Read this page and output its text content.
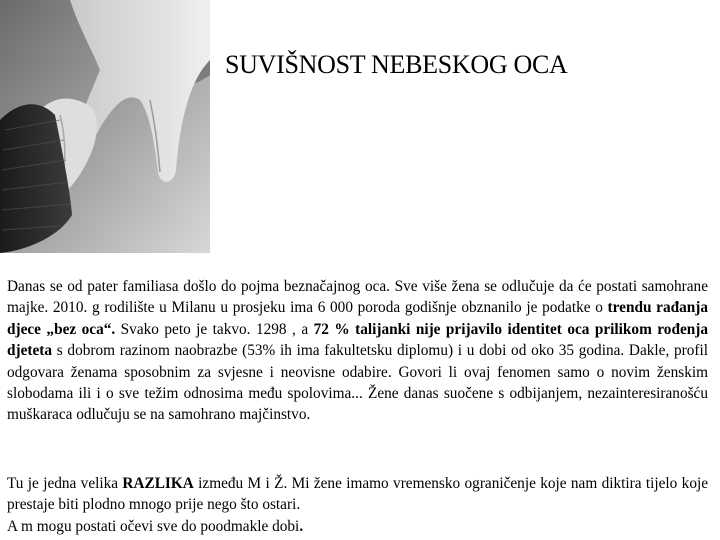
SUVIŠNOST NEBESKOG OCA

Danas se od pater familiasa došlo do pojma beznačajnog oca. Sve više žena se odlučuje da će postati samohrane majke. 2010. g rodilište u Milanu u prosjeku ima 6 000 poroda godišnje obznanilo je podatke o trendu rađanja djece „bez oca“. Svako peto je takvo. 1298 , a 72 % talijanki nije prijavilo identitet oca prilikom rođenja djeteta s dobrom razinom naobrazbe (53% ih ima fakultetsku diplomu) i u dobi od oko 35 godina. Dakle, profil odgovara ženama sposobnim za svjesne i neovisne odabire. Govori li ovaj fenomen samo o novim ženskim slobodama ili i o sve težim odnosima među spolovima... Žene danas suočene s odbijanjem, nezainteresiranošću muškaraca odlučuju se na samohrano majčinstvo.

Tu je jedna velika RAZLIKA između M i Ž. Mi žene imamo vremensko ograničenje koje nam diktira tijelo koje prestaje biti plodno mnogo prije nego što ostari.
A m mogu postati očevi sve do poodmakle dobi.
